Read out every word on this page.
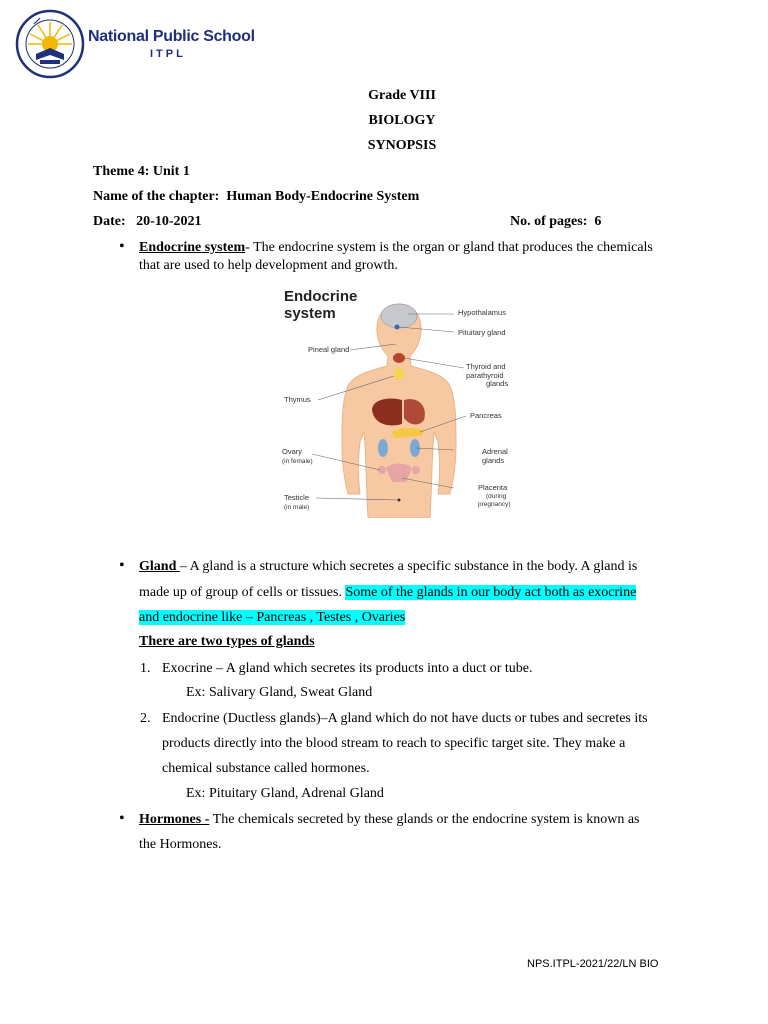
National Public School
ITPL
Grade VIII
BIOLOGY
SYNOPSIS
Theme 4: Unit 1
Name of the chapter: Human Body-Endocrine System
Date: 20-10-2021	No. of pages: 6
•
Endocrine system- The endocrine system is the organ or gland that produces the chemicals
that are used to help development and growth.
Endocrine
system	Hypothalamus
Pituitary gland
Pineal gland
Thyroid and
parathyroid
glands
Thymus
Pancreas
Ovary
(in female)
Adrenal
glands
Testicle
(in male)
Placenta
(during
pregnancy)
•
Gland – A gland is a structure which secretes a specific substance in the body. A gland is
made up of group of cells or tissues. Some of the glands in our body act both as exocrine
and endocrine like – Pancreas , Testes , Ovaries
There are two types of glands
1. Exocrine – A gland which secretes its products into a duct or tube.
Ex: Salivary Gland, Sweat Gland
2. Endocrine (Ductless glands)–A gland which do not have ducts or tubes and secretes its
products directly into the blood stream to reach to specific target site. They make a
chemical substance called hormones.
Ex: Pituitary Gland, Adrenal Gland
•
Hormones - The chemicals secreted by these glands or the endocrine system is known as
the Hormones.
NPS.ITPL-2021/22/LN BIO
